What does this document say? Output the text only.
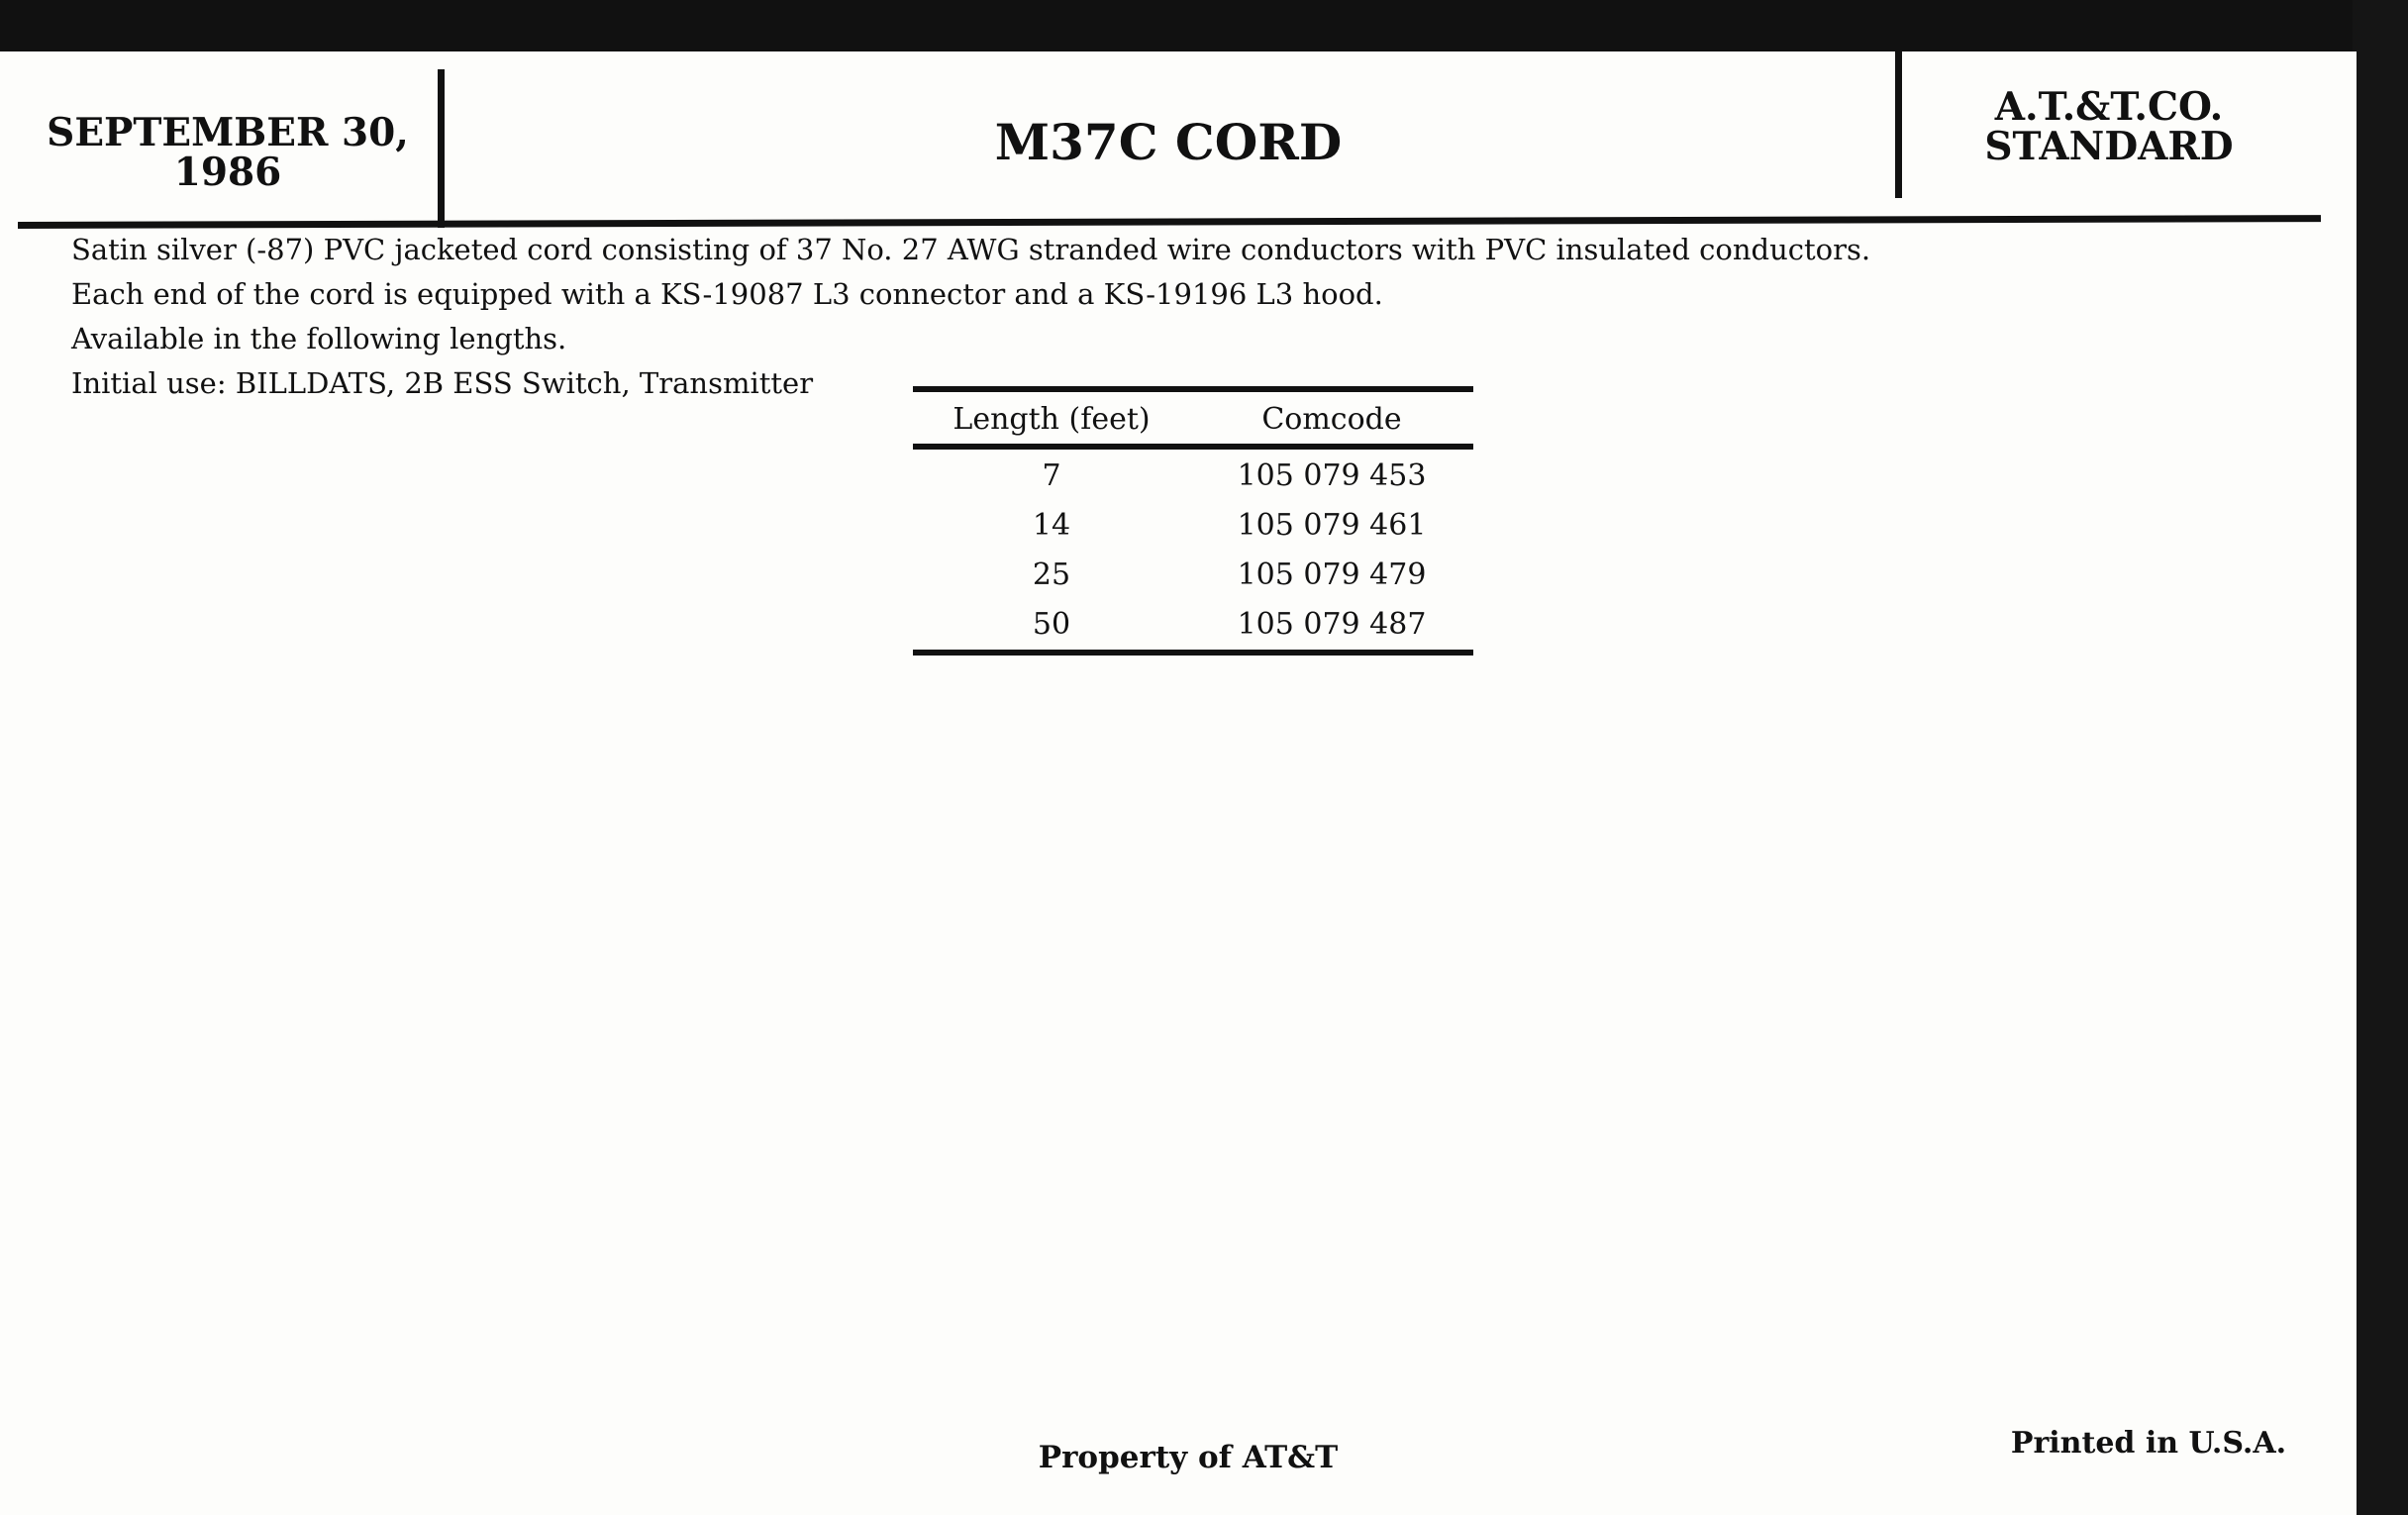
SEPTEMBER 30,
1986
M37C CORD
A.T.&T.CO.
STANDARD
Satin silver (-87) PVC jacketed cord consisting of 37 No. 27 AWG stranded wire conductors with PVC insulated conductors.
Each end of the cord is equipped with a KS-19087 L3 connector and a KS-19196 L3 hood.
Available in the following lengths.
Initial use: BILLDATS, 2B ESS Switch, Transmitter
Length (feet)	Comcode
7	105 079 453
14	105 079 461
25	105 079 479
50	105 079 487
Property of AT&T	Printed in U.S.A.
